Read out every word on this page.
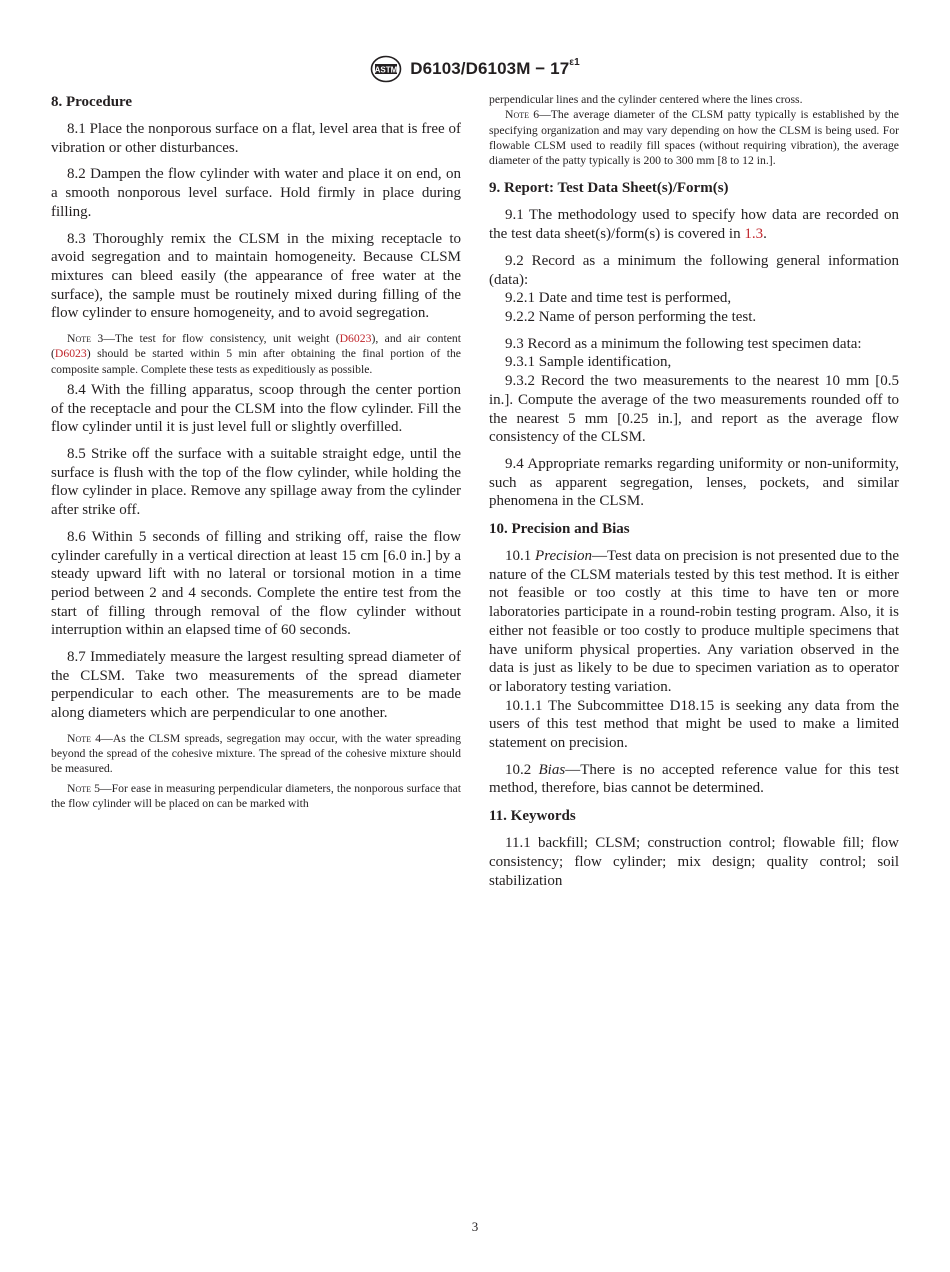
ASTM $D6103/D6103M - 17^{\varepsilon 1}$
8. Procedure

8.1 Place the nonporous surface on a flat, level area that is free of vibration or other disturbances.

8.2 Dampen the flow cylinder with water and place it on end, on a smooth nonporous level surface. Hold firmly in place during filling.

8.3 Thoroughly remix the CLSM in the mixing receptacle to avoid segregation and to maintain homogeneity. Because CLSM mixtures can bleed easily (the appearance of free water at the surface), the sample must be routinely mixed during filling of the flow cylinder to ensure homogeneity, and to avoid segregation.

Note 3—The test for flow consistency, unit weight (D6023), and air content (D6023) should be started within 5 min after obtaining the final portion of the composite sample. Complete these tests as expeditiously as possible.

8.4 With the filling apparatus, scoop through the center portion of the receptacle and pour the CLSM into the flow cylinder. Fill the flow cylinder until it is just level full or slightly overfilled.

8.5 Strike off the surface with a suitable straight edge, until the surface is flush with the top of the flow cylinder, while holding the flow cylinder in place. Remove any spillage away from the cylinder after strike off.

8.6 Within 5 seconds of filling and striking off, raise the flow cylinder carefully in a vertical direction at least 15 cm [6.0 in.] by a steady upward lift with no lateral or torsional motion in a time period between 2 and 4 seconds. Complete the entire test from the start of filling through removal of the flow cylinder without interruption within an elapsed time of 60 seconds.

8.7 Immediately measure the largest resulting spread diameter of the CLSM. Take two measurements of the spread diameter perpendicular to each other. The measurements are to be made along diameters which are perpendicular to one another.

Note 4—As the CLSM spreads, segregation may occur, with the water spreading beyond the spread of the cohesive mixture. The spread of the cohesive mixture should be measured.

Note 5—For ease in measuring perpendicular diameters, the nonporous surface that the flow cylinder will be placed on can be marked with

perpendicular lines and the cylinder centered where the lines cross.

Note 6—The average diameter of the CLSM patty typically is established by the specifying organization and may vary depending on how the CLSM is being used. For flowable CLSM used to readily fill spaces (without requiring vibration), the average diameter of the patty typically is 200 to 300 mm [8 to 12 in.].

9. Report: Test Data Sheet(s)/Form(s)

9.1 The methodology used to specify how data are recorded on the test data sheet(s)/form(s) is covered in 1.3.

9.2 Record as a minimum the following general information (data):

9.2.1 Date and time test is performed,

9.2.2 Name of person performing the test.

9.3 Record as a minimum the following test specimen data:

9.3.1 Sample identification,

9.3.2 Record the two measurements to the nearest 10 mm [0.5 in.]. Compute the average of the two measurements rounded off to the nearest 5 mm [0.25 in.], and report as the average flow consistency of the CLSM.

9.4 Appropriate remarks regarding uniformity or non-uniformity, such as apparent segregation, lenses, pockets, and similar phenomena in the CLSM.

10. Precision and Bias

10.1 Precision—Test data on precision is not presented due to the nature of the CLSM materials tested by this test method. It is either not feasible or too costly at this time to have ten or more laboratories participate in a round-robin testing program. Also, it is either not feasible or too costly to produce multiple specimens that have uniform physical properties. Any variation observed in the data is just as likely to be due to specimen variation as to operator or laboratory testing variation.

10.1.1 The Subcommittee D18.15 is seeking any data from the users of this test method that might be used to make a limited statement on precision.

10.2 Bias—There is no accepted reference value for this test method, therefore, bias cannot be determined.

11. Keywords

11.1 backfill; CLSM; construction control; flowable fill; flow consistency; flow cylinder; mix design; quality control; soil stabilization

3
